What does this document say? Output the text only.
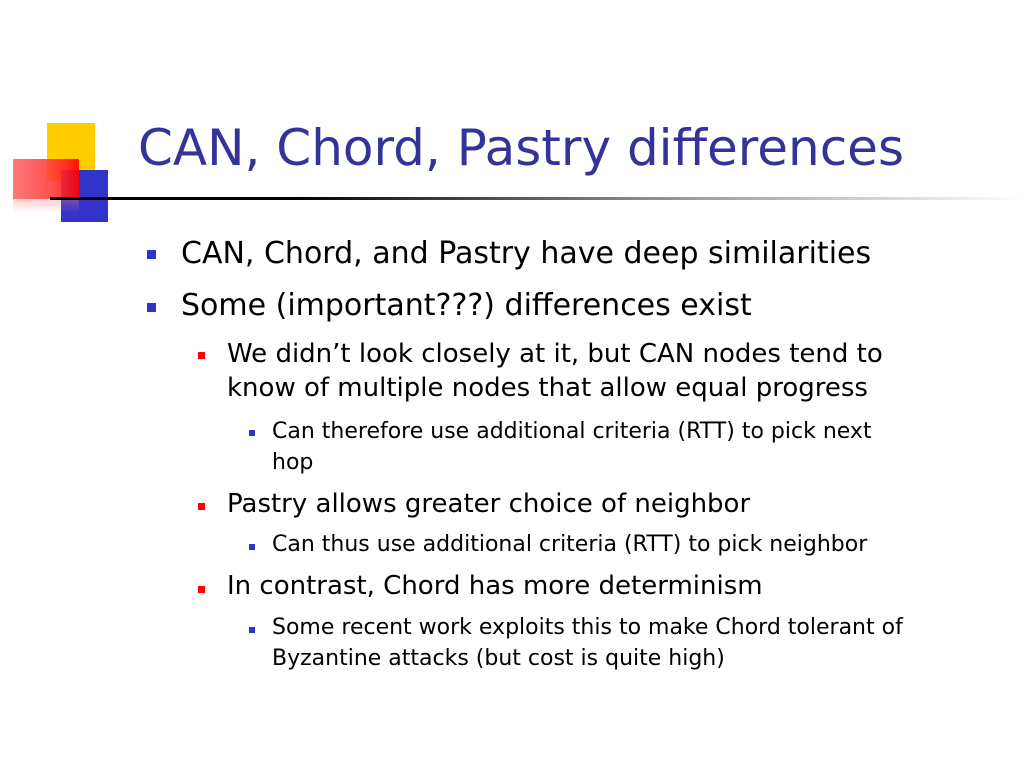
CAN, Chord, Pastry differences
CAN, Chord, and Pastry have deep similarities
Some (important???) differences exist
We didn’t look closely at it, but CAN nodes tend to
know of multiple nodes that allow equal progress
Can therefore use additional criteria (RTT) to pick next
hop
Pastry allows greater choice of neighbor
Can thus use additional criteria (RTT) to pick neighbor
In contrast, Chord has more determinism
Some recent work exploits this to make Chord tolerant of
Byzantine attacks (but cost is quite high)
